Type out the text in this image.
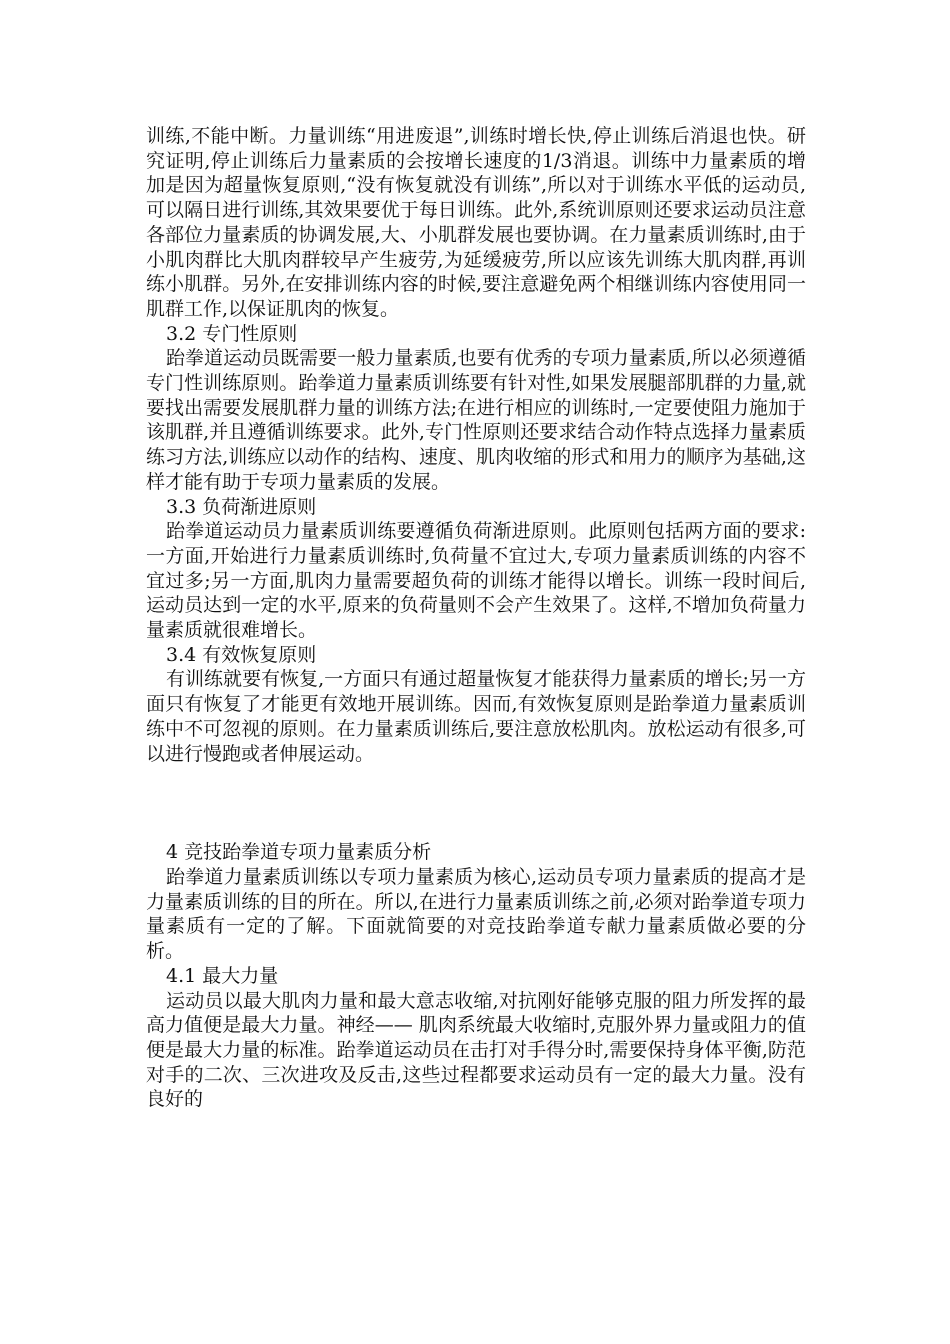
训练,不能中断。力量训练“用进废退”,训练时增长快,停止训练后消退也快。研究证明,停止训练后力量素质的会按增长速度的1/3消退。训练中力量素质的增加是因为超量恢复原则,“没有恢复就没有训练”,所以对于训练水平低的运动员,可以隔日进行训练,其效果要优于每日训练。此外,系统训原则还要求运动员注意各部位力量素质的协调发展,大、小肌群发展也要协调。在力量素质训练时,由于小肌肉群比大肌肉群较早产生疲劳,为延缓疲劳,所以应该先训练大肌肉群,再训练小肌群。另外,在安排训练内容的时候,要注意避免两个相继训练内容使用同一肌群工作,以保证肌肉的恢复。

3.2 专门性原则

跆拳道运动员既需要一般力量素质,也要有优秀的专项力量素质,所以必须遵循专门性训练原则。跆拳道力量素质训练要有针对性,如果发展腿部肌群的力量,就要找出需要发展肌群力量的训练方法;在进行相应的训练时,一定要使阻力施加于该肌群,并且遵循训练要求。此外,专门性原则还要求结合动作特点选择力量素质练习方法,训练应以动作的结构、速度、肌肉收缩的形式和用力的顺序为基础,这样才能有助于专项力量素质的发展。

3.3 负荷渐进原则

跆拳道运动员力量素质训练要遵循负荷渐进原则。此原则包括两方面的要求:一方面,开始进行力量素质训练时,负荷量不宜过大,专项力量素质训练的内容不宜过多;另一方面,肌肉力量需要超负荷的训练才能得以增长。训练一段时间后,运动员达到一定的水平,原来的负荷量则不会产生效果了。这样,不增加负荷量力量素质就很难增长。

3.4 有效恢复原则

有训练就要有恢复,一方面只有通过超量恢复才能获得力量素质的增长;另一方面只有恢复了才能更有效地开展训练。因而,有效恢复原则是跆拳道力量素质训练中不可忽视的原则。在力量素质训练后,要注意放松肌肉。放松运动有很多,可以进行慢跑或者伸展运动。

4 竞技跆拳道专项力量素质分析

跆拳道力量素质训练以专项力量素质为核心,运动员专项力量素质的提高才是力量素质训练的目的所在。所以,在进行力量素质训练之前,必须对跆拳道专项力量素质有一定的了解。下面就简要的对竞技跆拳道专献力量素质做必要的分析。

4.1 最大力量

运动员以最大肌肉力量和最大意志收缩,对抗刚好能够克服的阻力所发挥的最高力值便是最大力量。神经—— 肌肉系统最大收缩时,克服外界力量或阻力的值便是最大力量的标准。跆拳道运动员在击打对手得分时,需要保持身体平衡,防范对手的二次、三次进攻及反击,这些过程都要求运动员有一定的最大力量。没有良好的
